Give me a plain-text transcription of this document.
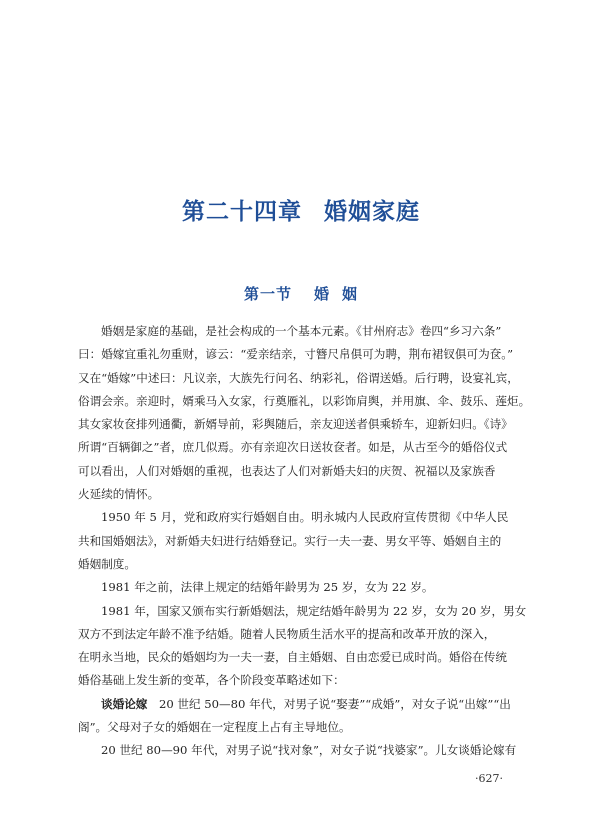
第二十四章 婚姻家庭
第一节 婚 姻
婚姻是家庭的基础，是社会构成的一个基本元素。《甘州府志》卷四“乡习六条”
曰：婚嫁宜重礼勿重财，谚云：“爱亲结亲，寸簪尺帛俱可为聘，荆布裙钗俱可为奁。”
又在“婚嫁”中述曰：凡议亲，大族先行问名、纳彩礼，俗谓送婚。后行聘，设宴礼宾，
俗谓会亲。亲迎时，婿乘马入女家，行奠雁礼，以彩饰肩舆，并用旗、伞、鼓乐、莲炬。
其女家妆奁排列通衢，新婿导前，彩舆随后，亲友迎送者俱乘轿车，迎新妇归。《诗》
所谓“百辆御之”者，庶几似焉。亦有亲迎次日送妆奁者。如是，从古至今的婚俗仪式
可以看出，人们对婚姻的重视，也表达了人们对新婚夫妇的庆贺、祝福以及家族香
火延续的情怀。
1950 年 5 月，党和政府实行婚姻自由。明永城内人民政府宣传贯彻《中华人民
共和国婚姻法》，对新婚夫妇进行结婚登记。实行一夫一妻、男女平等、婚姻自主的
婚姻制度。
1981 年之前，法律上规定的结婚年龄男为 25 岁，女为 22 岁。
1981 年，国家又颁布实行新婚姻法，规定结婚年龄男为 22 岁，女为 20 岁，男女
双方不到法定年龄不准予结婚。随着人民物质生活水平的提高和改革开放的深入，
在明永当地，民众的婚姻均为一夫一妻，自主婚姻、自由恋爱已成时尚。婚俗在传统
婚俗基础上发生新的变革，各个阶段变革略述如下：
谈婚论嫁　20 世纪 50—80 年代，对男子说“娶妻”“成婚”，对女子说“出嫁”“出
阁”。父母对子女的婚姻在一定程度上占有主导地位。
20 世纪 80—90 年代，对男子说“找对象”，对女子说“找婆家”。儿女谈婚论嫁有
·627·
